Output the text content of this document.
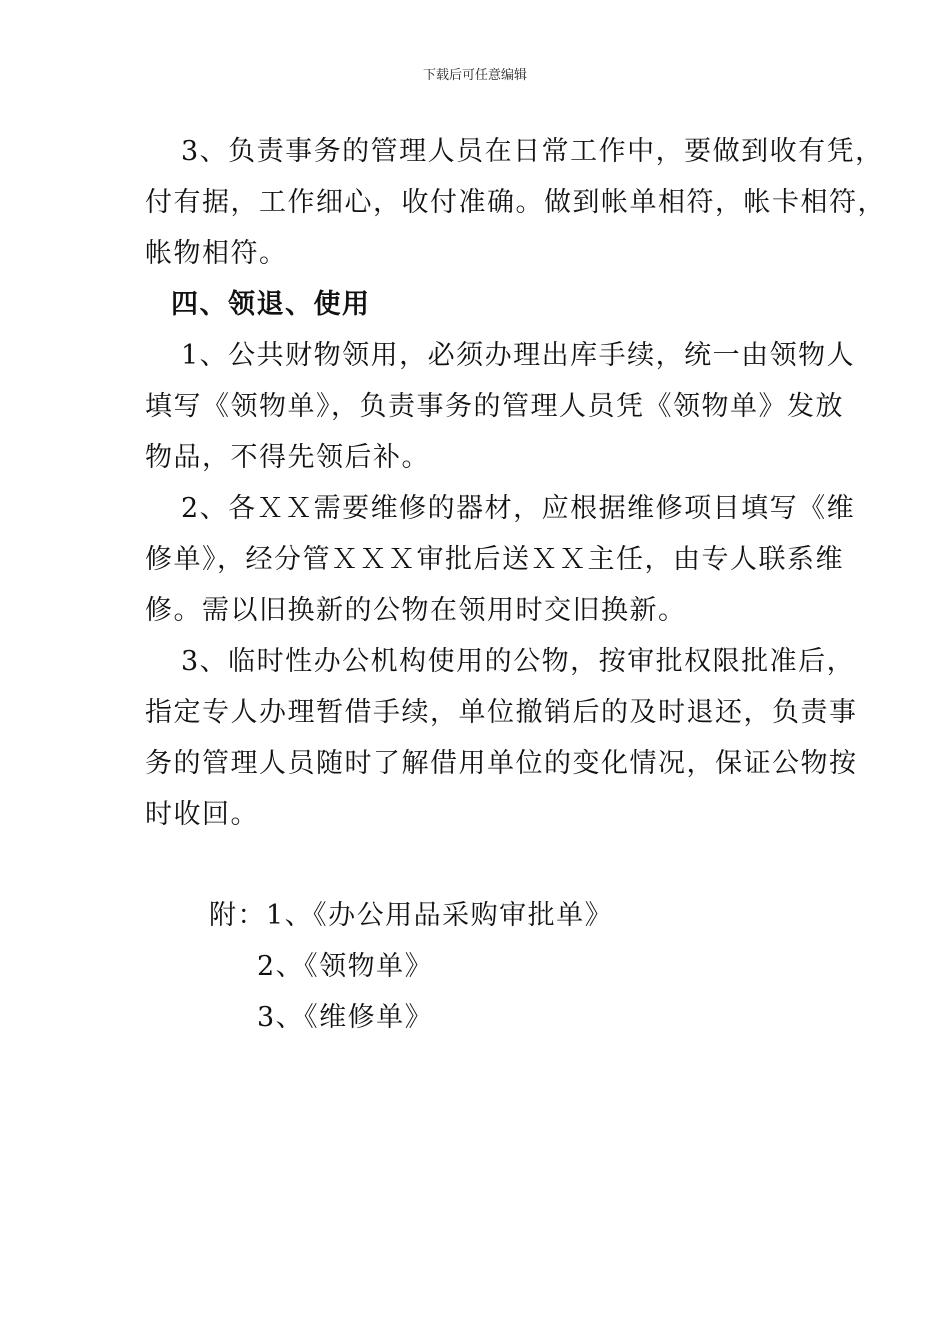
下载后可任意编辑
3、负责事务的管理人员在日常工作中，要做到收有凭，
付有据，工作细心，收付准确。做到帐单相符，帐卡相符，
帐物相符。
四、领退、使用
1、公共财物领用，必须办理出库手续，统一由领物人
填写《领物单》，负责事务的管理人员凭《领物单》发放
物品，不得先领后补。
2、各ＸＸ需要维修的器材，应根据维修项目填写《维
修单》，经分管ＸＸＸ审批后送ＸＸ主任，由专人联系维
修。需以旧换新的公物在领用时交旧换新。
3、临时性办公机构使用的公物，按审批权限批准后，
指定专人办理暂借手续，单位撤销后的及时退还，负责事
务的管理人员随时了解借用单位的变化情况，保证公物按
时收回。
附：1、《办公用品采购审批单》
2、《领物单》
3、《维修单》
